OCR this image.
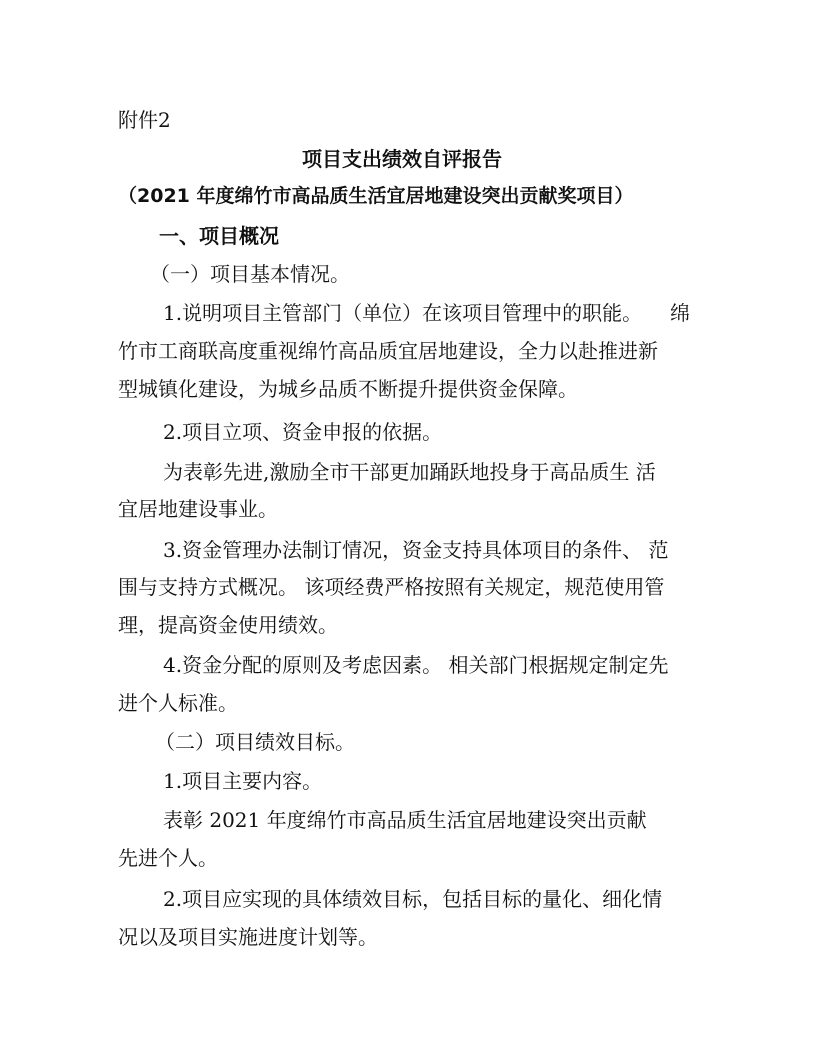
附件2
项目支出绩效自评报告
（2021 年度绵竹市高品质生活宜居地建设突出贡献奖项目）
一、项目概况
（一）项目基本情况。
1.说明项目主管部门（单位）在该项目管理中的职能。 绵
竹市工商联高度重视绵竹高品质宜居地建设，全力以赴推进新
型城镇化建设，为城乡品质不断提升提供资金保障。
2.项目立项、资金申报的依据。
为表彰先进,激励全市干部更加踊跃地投身于高品质生 活
宜居地建设事业。
3.资金管理办法制订情况，资金支持具体项目的条件、 范
围与支持方式概况。 该项经费严格按照有关规定，规范使用管
理，提高资金使用绩效。
4.资金分配的原则及考虑因素。 相关部门根据规定制定先
进个人标准。
（二）项目绩效目标。
1.项目主要内容。
表彰 2021 年度绵竹市高品质生活宜居地建设突出贡献
先进个人。
2.项目应实现的具体绩效目标，包括目标的量化、细化情
况以及项目实施进度计划等。
